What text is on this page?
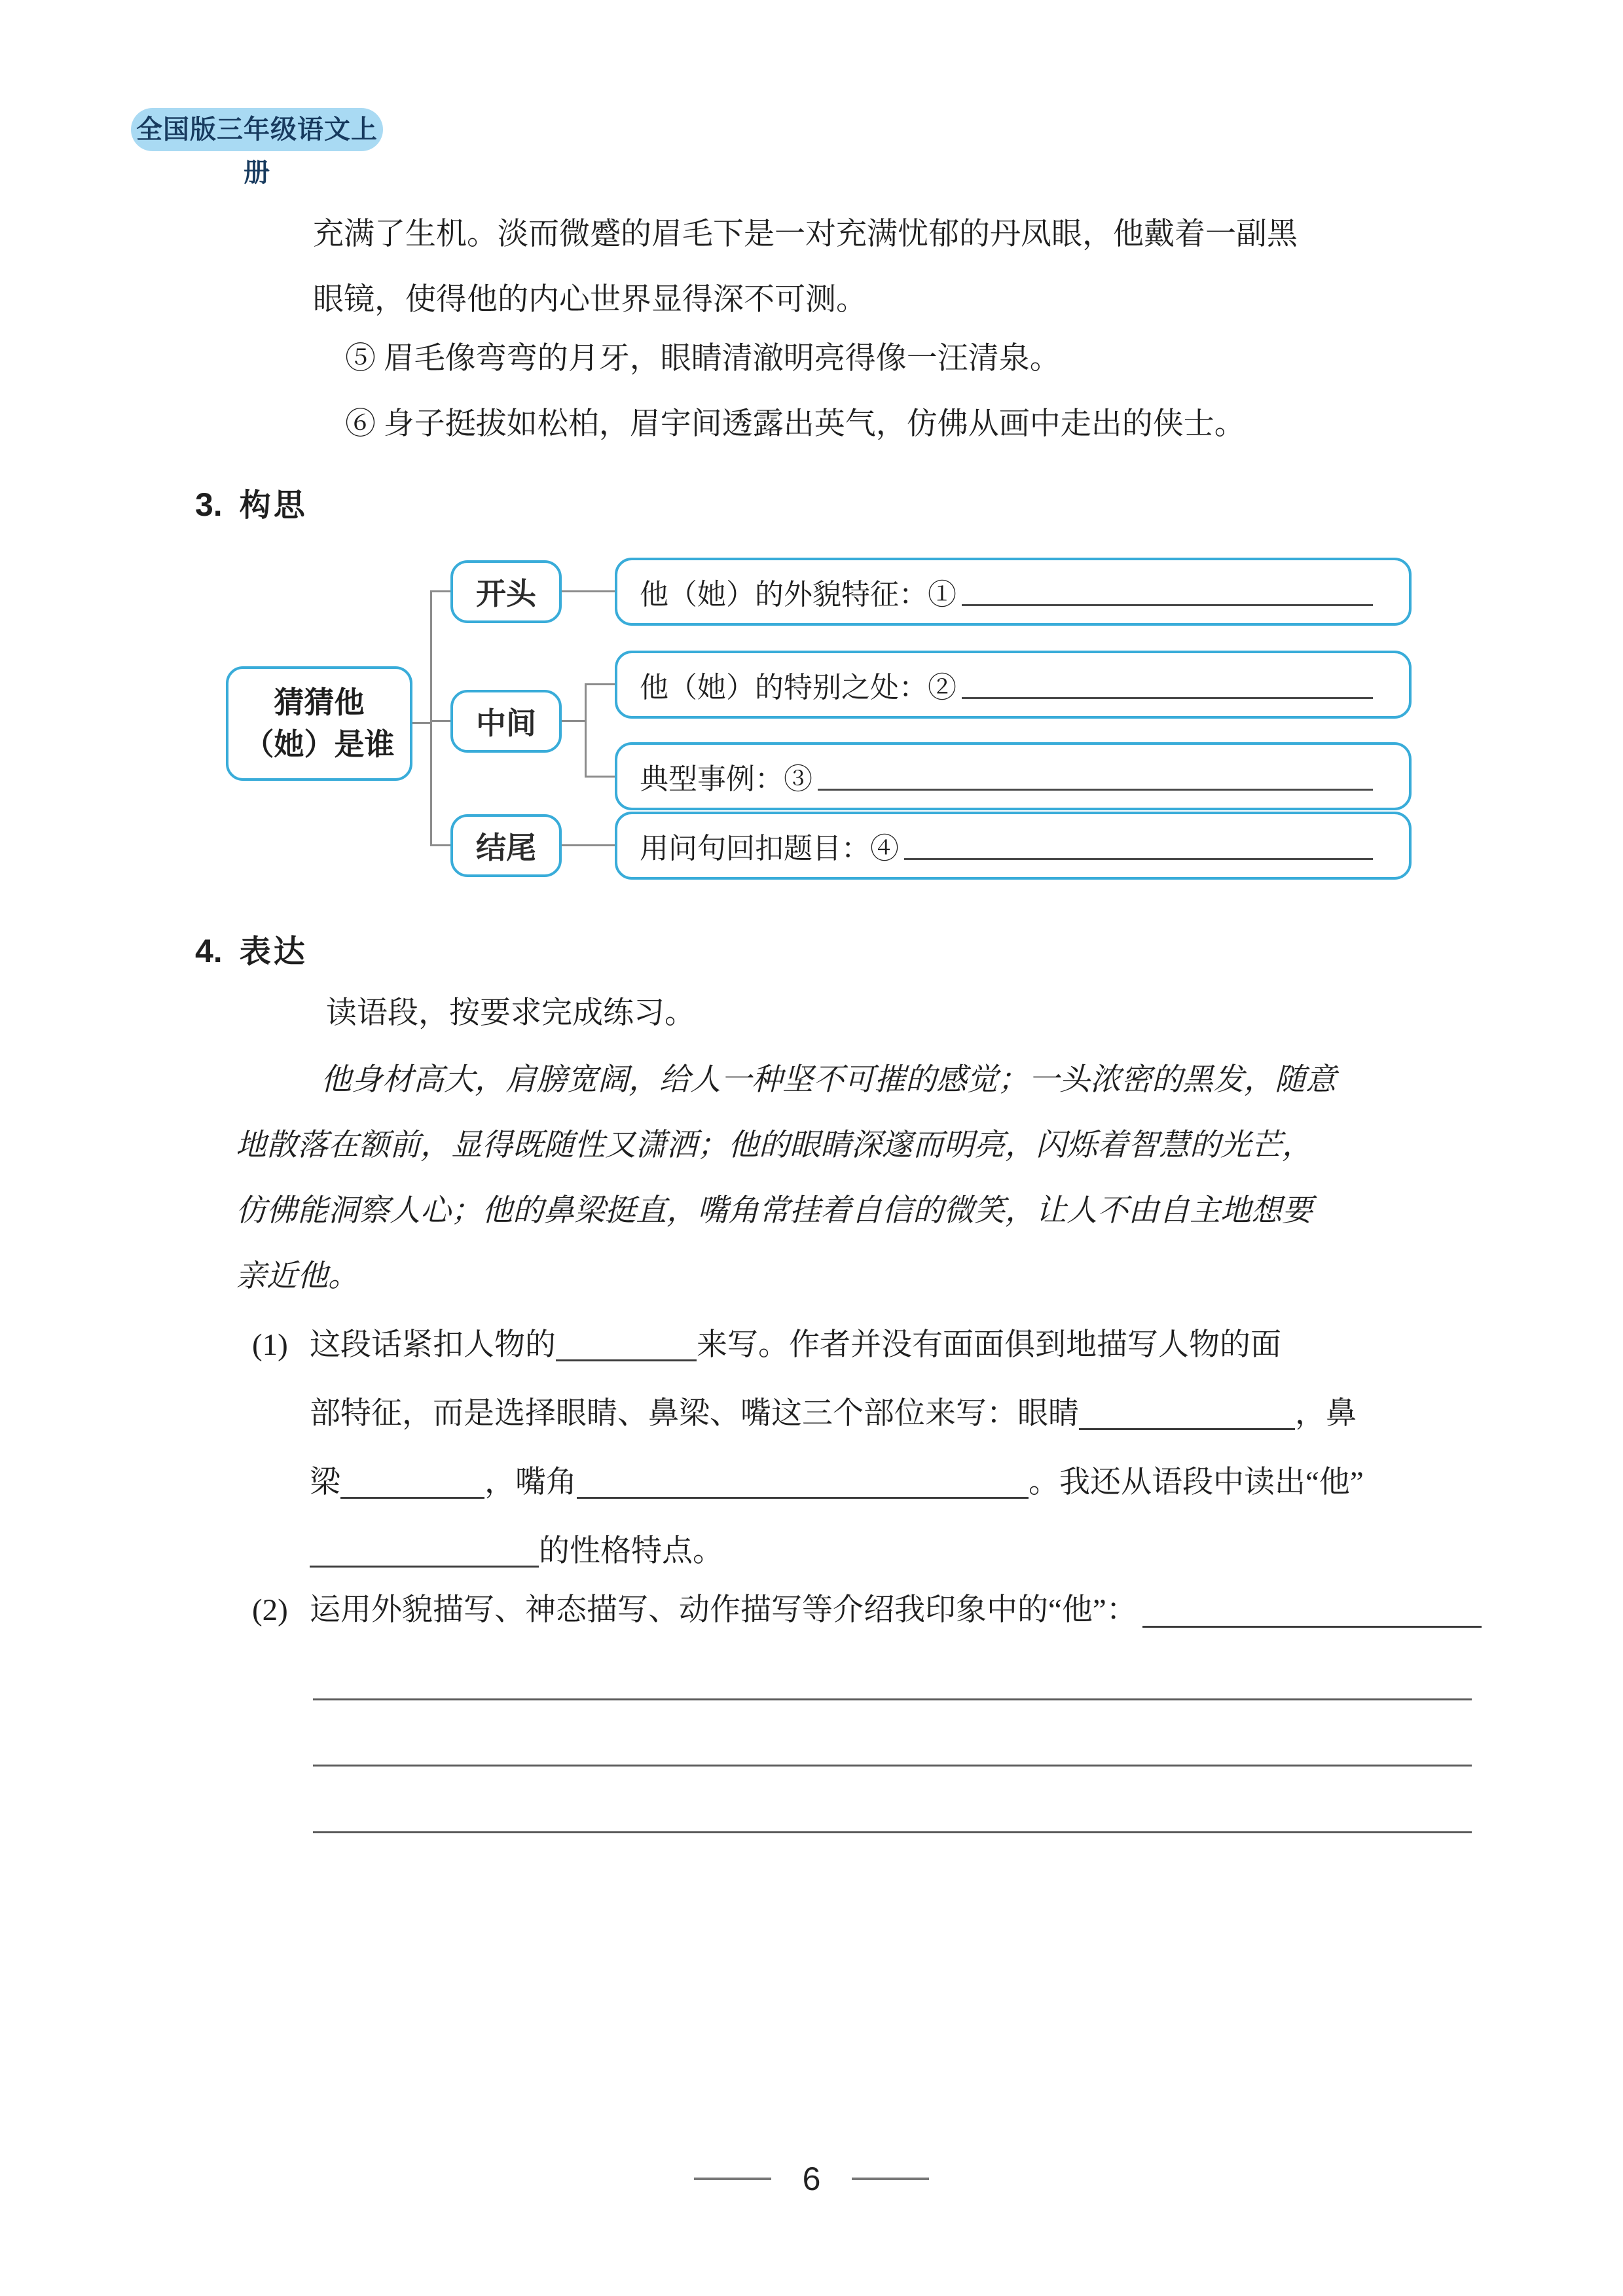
全国版三年级语文上册
充满了生机。淡而微蹙的眉毛下是一对充满忧郁的丹凤眼，他戴着一副黑
眼镜，使得他的内心世界显得深不可测。
⑤ 眉毛像弯弯的月牙，眼睛清澈明亮得像一汪清泉。
⑥ 身子挺拔如松柏，眉宇间透露出英气，仿佛从画中走出的侠士。
3. 构思
猜猜他
（她）是谁
开头
中间
结尾
他（她）的外貌特征：①
他（她）的特别之处：②
典型事例：③
用问句回扣题目：④
4. 表达
读语段，按要求完成练习。
他身材高大，肩膀宽阔，给人一种坚不可摧的感觉；一头浓密的黑发，随意
地散落在额前，显得既随性又潇洒；他的眼睛深邃而明亮，闪烁着智慧的光芒，
仿佛能洞察人心；他的鼻梁挺直，嘴角常挂着自信的微笑，让人不由自主地想要
亲近他。
(1) 这段话紧扣人物的	来写。作者并没有面面俱到地描写人物的面
部特征，而是选择眼睛、鼻梁、嘴这三个部位来写：眼睛	，鼻
梁	，嘴角	。我还从语段中读出“他”
的性格特点。
(2) 运用外貌描写、神态描写、动作描写等介绍我印象中的“他”：
6
